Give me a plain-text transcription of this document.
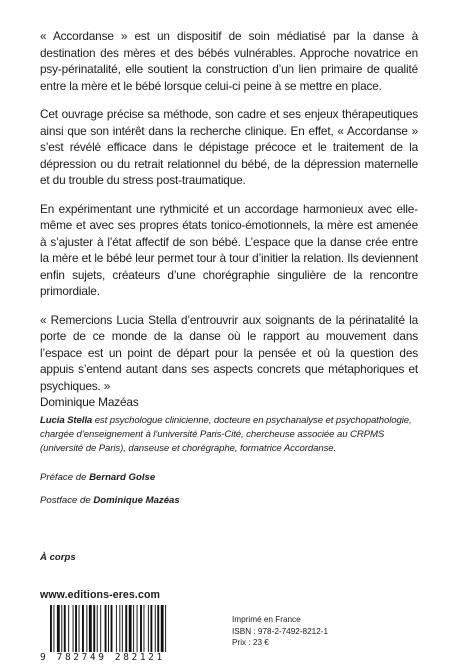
« Accordanse » est un dispositif de soin médiatisé par la danse à destination des mères et des bébés vulnérables. Approche novatrice en psy-périnatalité, elle soutient la construction d’un lien primaire de qualité entre la mère et le bébé lorsque celui-ci peine à se mettre en place.

Cet ouvrage précise sa méthode, son cadre et ses enjeux thérapeutiques ainsi que son intérêt dans la recherche clinique. En effet, « Accordanse » s’est révélé efficace dans le dépistage précoce et le traitement de la dépression ou du retrait relationnel du bébé, de la dépression maternelle et du trouble du stress post-traumatique.

En expérimentant une rythmicité et un accordage harmonieux avec elle-même et avec ses propres états tonico-émotionnels, la mère est amenée à s’ajuster à l’état affectif de son bébé. L’espace que la danse crée entre la mère et le bébé leur permet tour à tour d’initier la relation. Ils deviennent enfin sujets, créateurs d’une chorégraphie singulière de la rencontre primordiale.

« Remercions Lucia Stella d’entrouvrir aux soignants de la périnatalité la porte de ce monde de la danse où le rapport au mouvement dans l’espace est un point de départ pour la pensée et où la question des appuis s’entend autant dans ses aspects concrets que métaphoriques et psychiques. »
Dominique Mazéas

Lucia Stella est psychologue clinicienne, docteure en psychanalyse et psychopathologie, chargée d’enseignement à l’université Paris-Cité, chercheuse associée au CRPMS (université de Paris), danseuse et chorégraphe, formatrice Accordanse.

Préface de Bernard Golse

Postface de Dominique Mazéas

À corps

www.editions-eres.com

9 782749 282121
Imprimé en France
ISBN : 978-2-7492-8212-1
Prix : 23 €
